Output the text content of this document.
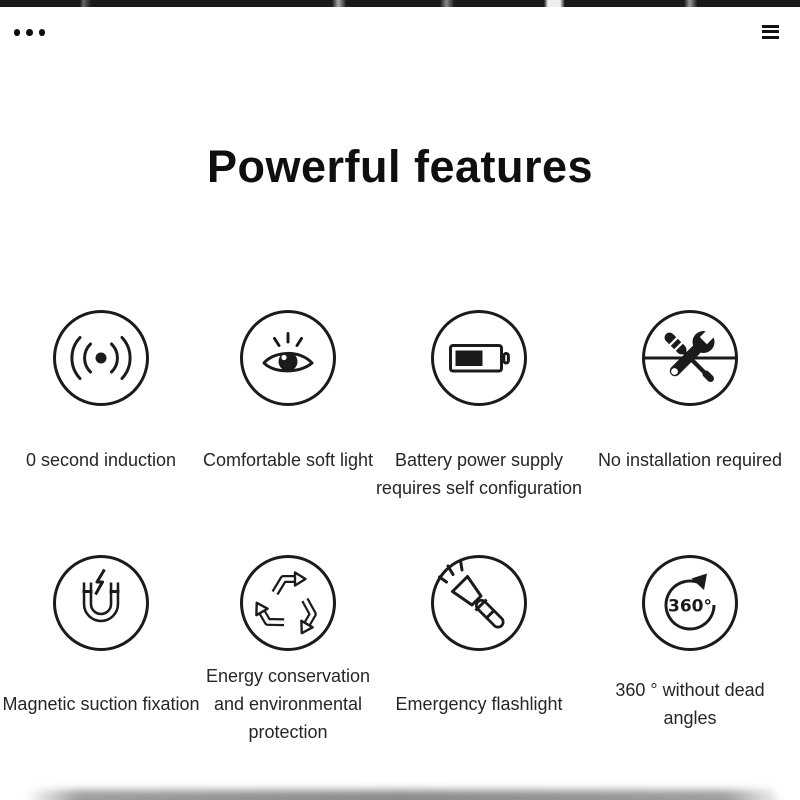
Powerful features
0 second induction	Comfortable soft light	Battery power supply requires self configuration
No installation required
Magnetic suction fixation
Energy conservation and environmental protection
Emergency flashlight
360°
360 ° without dead angles
